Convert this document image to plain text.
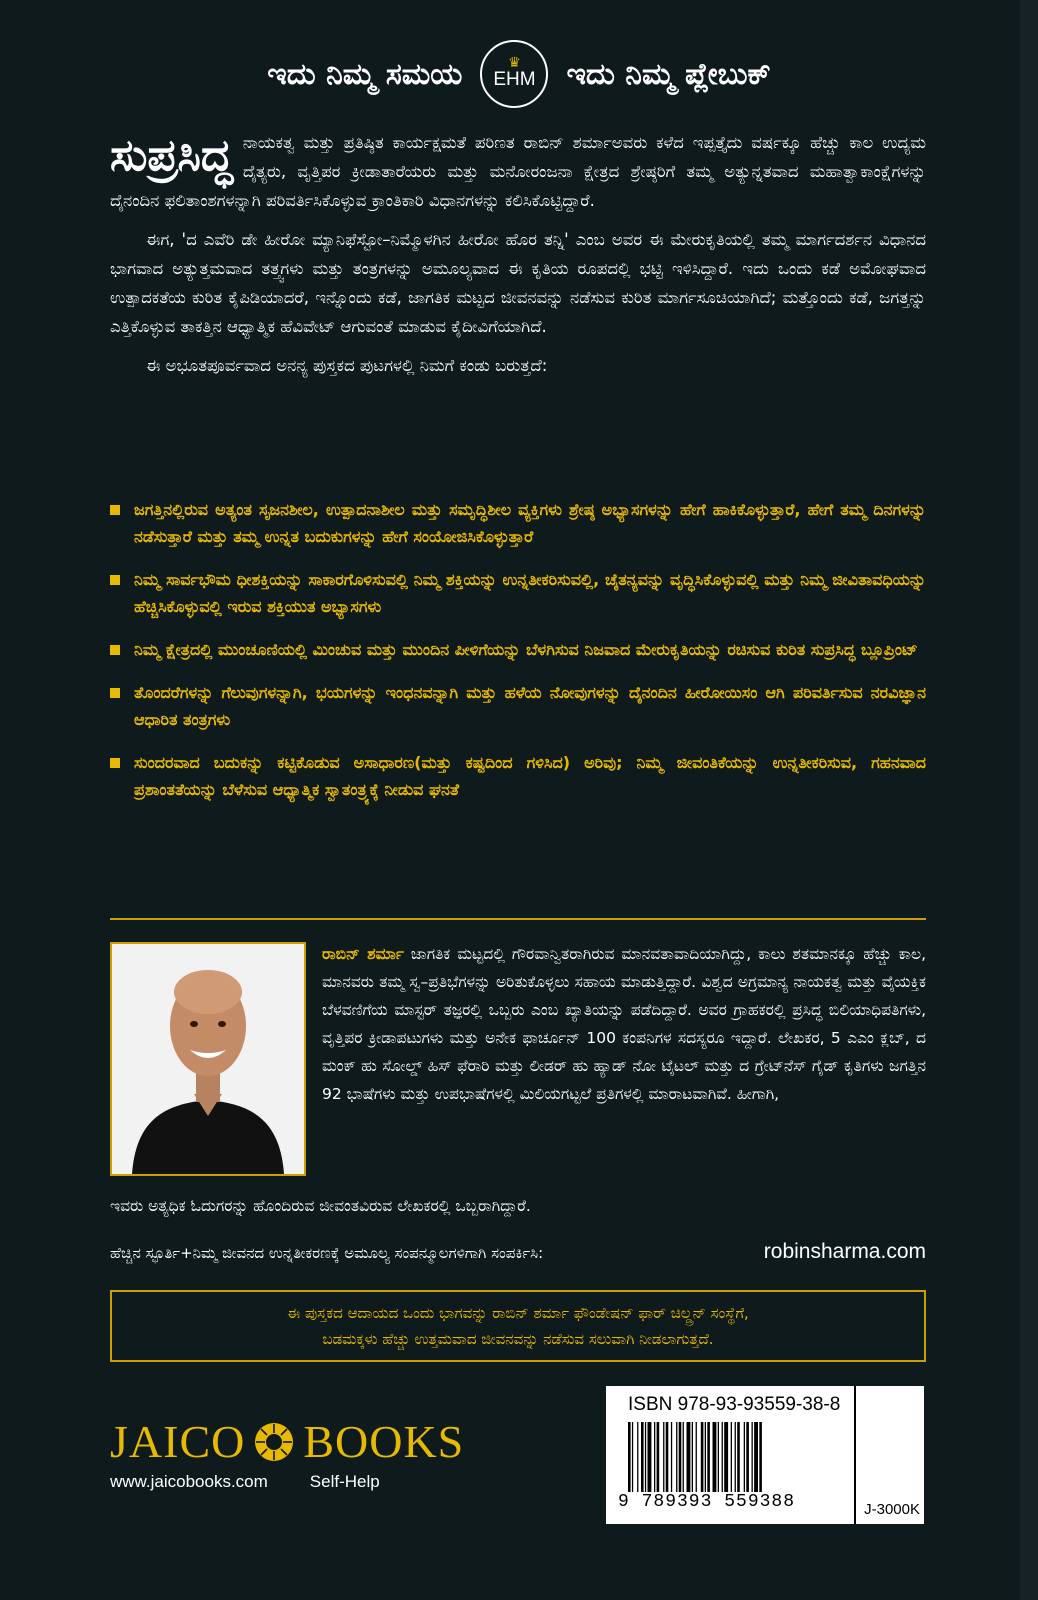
ಇದು ನಿಮ್ಮ ಸಮಯ	♛
EHM ಇದು ನಿಮ್ಮ ಪ್ಲೇಬುಕ್
ಸುಪ್ರಸಿದ್ಧ ನಾಯಕತ್ವ ಮತ್ತು ಪ್ರತಿಷ್ಠಿತ ಕಾರ್ಯಕ್ಷಮತೆ ಪರಿಣತ ರಾಬಿನ್ ಶರ್ಮಾಅವರು ಕಳೆದ ಇಪ್ಪತ್ತೈದು ವರ್ಷಕ್ಕೂ ಹೆಚ್ಚು ಕಾಲ ಉದ್ಯಮ ದೈತ್ಯರು, ವೃತ್ತಿಪರ ಕ್ರೀಡಾತಾರೆಯರು ಮತ್ತು ಮನೋರಂಜನಾ ಕ್ಷೇತ್ರದ ಶ್ರೇಷ್ಠರಿಗೆ ತಮ್ಮ ಅತ್ಯುನ್ನತವಾದ ಮಹಾತ್ವಾಕಾಂಕ್ಷೆಗಳನ್ನು ದೈನಂದಿನ ಫಲಿತಾಂಶಗಳನ್ನಾಗಿ ಪರಿವರ್ತಿಸಿಕೊಳ್ಳುವ ಕ್ರಾಂತಿಕಾರಿ ವಿಧಾನಗಳನ್ನು ಕಲಿಸಿಕೊಟ್ಟಿದ್ದಾರೆ.

ಈಗ, 'ದ ಎವೆರಿ ಡೇ ಹೀರೋ ಮ್ಯಾನಿಫೆಸ್ಟೋ–ನಿಮ್ಮೊಳಗಿನ ಹೀರೋ ಹೊರ ತನ್ನಿ' ಎಂಬ ಅವರ ಈ ಮೇರುಕೃತಿಯಲ್ಲಿ ತಮ್ಮ ಮಾರ್ಗದರ್ಶನ ವಿಧಾನದ ಭಾಗವಾದ ಅತ್ಯುತ್ತಮವಾದ ತತ್ತ್ವಗಳು ಮತ್ತು ತಂತ್ರಗಳನ್ನು ಅಮೂಲ್ಯವಾದ ಈ ಕೃತಿಯ ರೂಪದಲ್ಲಿ ಭಟ್ಟಿ ಇಳಿಸಿದ್ದಾರೆ. ಇದು ಒಂದು ಕಡೆ ಅಮೋಘವಾದ ಉತ್ಪಾದಕತೆಯ ಕುರಿತ ಕೈಪಿಡಿಯಾದರೆ, ಇನ್ನೊಂದು ಕಡೆ, ಜಾಗತಿಕ ಮಟ್ಟದ ಜೀವನವನ್ನು ನಡೆಸುವ ಕುರಿತ ಮಾರ್ಗಸೂಚಿಯಾಗಿದೆ; ಮತ್ತೊಂದು ಕಡೆ, ಜಗತ್ತನ್ನು ಎತ್ತಿಕೊಳ್ಳುವ ತಾಕತ್ತಿನ ಆಧ್ಯಾತ್ಮಿಕ ಹೆವಿವೇಟ್ ಆಗುವಂತೆ ಮಾಡುವ ಕೈದೀವಿಗೆಯಾಗಿದೆ.

ಈ ಅಭೂತಪೂರ್ವವಾದ ಅನನ್ಯ ಪುಸ್ತಕದ ಪುಟಗಳಲ್ಲಿ ನಿಮಗೆ ಕಂಡು ಬರುತ್ತದೆ:

ಜಗತ್ತಿನಲ್ಲಿರುವ ಅತ್ಯಂತ ಸೃಜನಶೀಲ, ಉತ್ಪಾದನಾಶೀಲ ಮತ್ತು ಸಮೃದ್ಧಿಶೀಲ ವ್ಯಕ್ತಿಗಳು ಶ್ರೇಷ್ಠ ಅಭ್ಯಾಸಗಳನ್ನು ಹೇಗೆ ಹಾಕಿಕೊಳ್ಳುತ್ತಾರೆ, ಹೇಗೆ ತಮ್ಮ ದಿನಗಳನ್ನು ನಡೆಸುತ್ತಾರೆ ಮತ್ತು ತಮ್ಮ ಉನ್ನತ ಬದುಕುಗಳನ್ನು ಹೇಗೆ ಸಂಯೋಜಿಸಿಕೊಳ್ಳುತ್ತಾರೆ
ನಿಮ್ಮ ಸಾರ್ವಭೌಮ ಧೀಶಕ್ತಿಯನ್ನು ಸಾಕಾರಗೊಳಿಸುವಲ್ಲಿ ನಿಮ್ಮ ಶಕ್ತಿಯನ್ನು ಉನ್ನತೀಕರಿಸುವಲ್ಲಿ, ಚೈತನ್ಯವನ್ನು ವೃದ್ಧಿಸಿಕೊಳ್ಳುವಲ್ಲಿ ಮತ್ತು ನಿಮ್ಮ ಜೀವಿತಾವಧಿಯನ್ನು ಹೆಚ್ಚಿಸಿಕೊಳ್ಳುವಲ್ಲಿ ಇರುವ ಶಕ್ತಿಯುತ ಅಭ್ಯಾಸಗಳು
ನಿಮ್ಮ ಕ್ಷೇತ್ರದಲ್ಲಿ ಮುಂಚೂಣಿಯಲ್ಲಿ ಮಿಂಚುವ ಮತ್ತು ಮುಂದಿನ ಪೀಳಿಗೆಯನ್ನು ಬೆಳಗಿಸುವ ನಿಜವಾದ ಮೇರುಕೃತಿಯನ್ನು ರಚಿಸುವ ಕುರಿತ ಸುಪ್ರಸಿದ್ಧ ಬ್ಲೂಪ್ರಿಂಟ್
ತೊಂದರೆಗಳನ್ನು ಗೆಲುವುಗಳನ್ನಾಗಿ, ಭಯಗಳನ್ನು ಇಂಧನವನ್ನಾಗಿ ಮತ್ತು ಹಳೆಯ ನೋವುಗಳನ್ನು ದೈನಂದಿನ ಹೀರೋಯಿಸಂ ಆಗಿ ಪರಿವರ್ತಿಸುವ ನರವಿಜ್ಞಾನ ಆಧಾರಿತ ತಂತ್ರಗಳು
ಸುಂದರವಾದ ಬದುಕನ್ನು ಕಟ್ಟಿಕೊಡುವ ಅಸಾಧಾರಣ(ಮತ್ತು ಕಷ್ಟದಿಂದ ಗಳಿಸಿದ) ಅರಿವು; ನಿಮ್ಮ ಜೀವಂತಿಕೆಯನ್ನು ಉನ್ನತೀಕರಿಸುವ, ಗಹನವಾದ ಪ್ರಶಾಂತತೆಯನ್ನು ಬೆಳೆಸುವ ಆಧ್ಯಾತ್ಮಿಕ ಸ್ವಾತಂತ್ರ್ಯಕ್ಕೆ ನೀಡುವ ಘನತೆ
ರಾಬಿನ್ ಶರ್ಮಾ ಜಾಗತಿಕ ಮಟ್ಟದಲ್ಲಿ ಗೌರವಾನ್ವಿತರಾಗಿರುವ ಮಾನವತಾವಾದಿಯಾಗಿದ್ದು, ಕಾಲು ಶತಮಾನಕ್ಕೂ ಹೆಚ್ಚು ಕಾಲ, ಮಾನವರು ತಮ್ಮ ಸ್ವ–ಪ್ರತಿಭೆಗಳನ್ನು ಅರಿತುಕೊಳ್ಳಲು ಸಹಾಯ ಮಾಡುತ್ತಿದ್ದಾರೆ. ವಿಶ್ವದ ಅಗ್ರಮಾನ್ಯ ನಾಯಕತ್ವ ಮತ್ತು ವೈಯಕ್ತಿಕ ಬೆಳವಣಿಗೆಯ ಮಾಸ್ಟರ್ ತಜ್ಞರಲ್ಲಿ ಒಬ್ಬರು ಎಂಬ ಖ್ಯಾತಿಯನ್ನು ಪಡೆದಿದ್ದಾರೆ. ಅವರ ಗ್ರಾಹಕರಲ್ಲಿ ಪ್ರಸಿದ್ಧ ಬಿಲಿಯಾಧಿಪತಿಗಳು, ವೃತ್ತಿಪರ ಕ್ರೀಡಾಪಟುಗಳು ಮತ್ತು ಅನೇಕ ಫಾರ್ಚೂನ್ 100 ಕಂಪನಿಗಳ ಸದಸ್ಯರೂ ಇದ್ದಾರೆ. ಲೇಖಕರ, 5 ಎಎಂ ಕ್ಲಬ್, ದ ಮಂಕ್ ಹು ಸೋಲ್ಡ್ ಹಿಸ್ ಫೆರಾರಿ ಮತ್ತು ಲೀಡರ್ ಹು ಹ್ಯಾಡ್ ನೋ ಟೈಟಲ್ ಮತ್ತು ದ ಗ್ರೇಟ್‌ನೆಸ್ ಗೈಡ್ ಕೃತಿಗಳು ಜಗತ್ತಿನ 92 ಭಾಷೆಗಳು ಮತ್ತು ಉಪಭಾಷೆಗಳಲ್ಲಿ ಮಿಲಿಯಗಟ್ಟಲೆ ಪ್ರತಿಗಳಲ್ಲಿ ಮಾರಾಟವಾಗಿವೆ. ಹೀಗಾಗಿ,
ಇವರು ಅತ್ಯಧಿಕ ಓದುಗರನ್ನು ಹೊಂದಿರುವ ಜೀವಂತವಿರುವ ಲೇಖಕರಲ್ಲಿ ಒಬ್ಬರಾಗಿದ್ದಾರೆ.
ಹೆಚ್ಚಿನ ಸ್ಫೂರ್ತಿ+ನಿಮ್ಮ ಜೀವನದ ಉನ್ನತೀಕರಣಕ್ಕೆ ಅಮೂಲ್ಯ ಸಂಪನ್ಮೂಲಗಳಿಗಾಗಿ ಸಂಪರ್ಕಿಸಿ:	robinsharma.com
ಈ ಪುಸ್ತಕದ ಆದಾಯದ ಒಂದು ಭಾಗವನ್ನು ರಾಬಿನ್ ಶರ್ಮಾ ಫೌಂಡೇಷನ್ ಫಾರ್ ಚಿಲ್ಡ್ರನ್ ಸಂಸ್ಥೆಗೆ,
ಬಡಮಕ್ಕಳು ಹೆಚ್ಚು ಉತ್ತಮವಾದ ಜೀವನವನ್ನು ನಡೆಸುವ ಸಲುವಾಗಿ ನೀಡಲಾಗುತ್ತದೆ.
JAICO BOOKS
www.jaicobooks.com Self-Help
ISBN 978-93-93559-38-8
9 789393 559388	J-3000K
